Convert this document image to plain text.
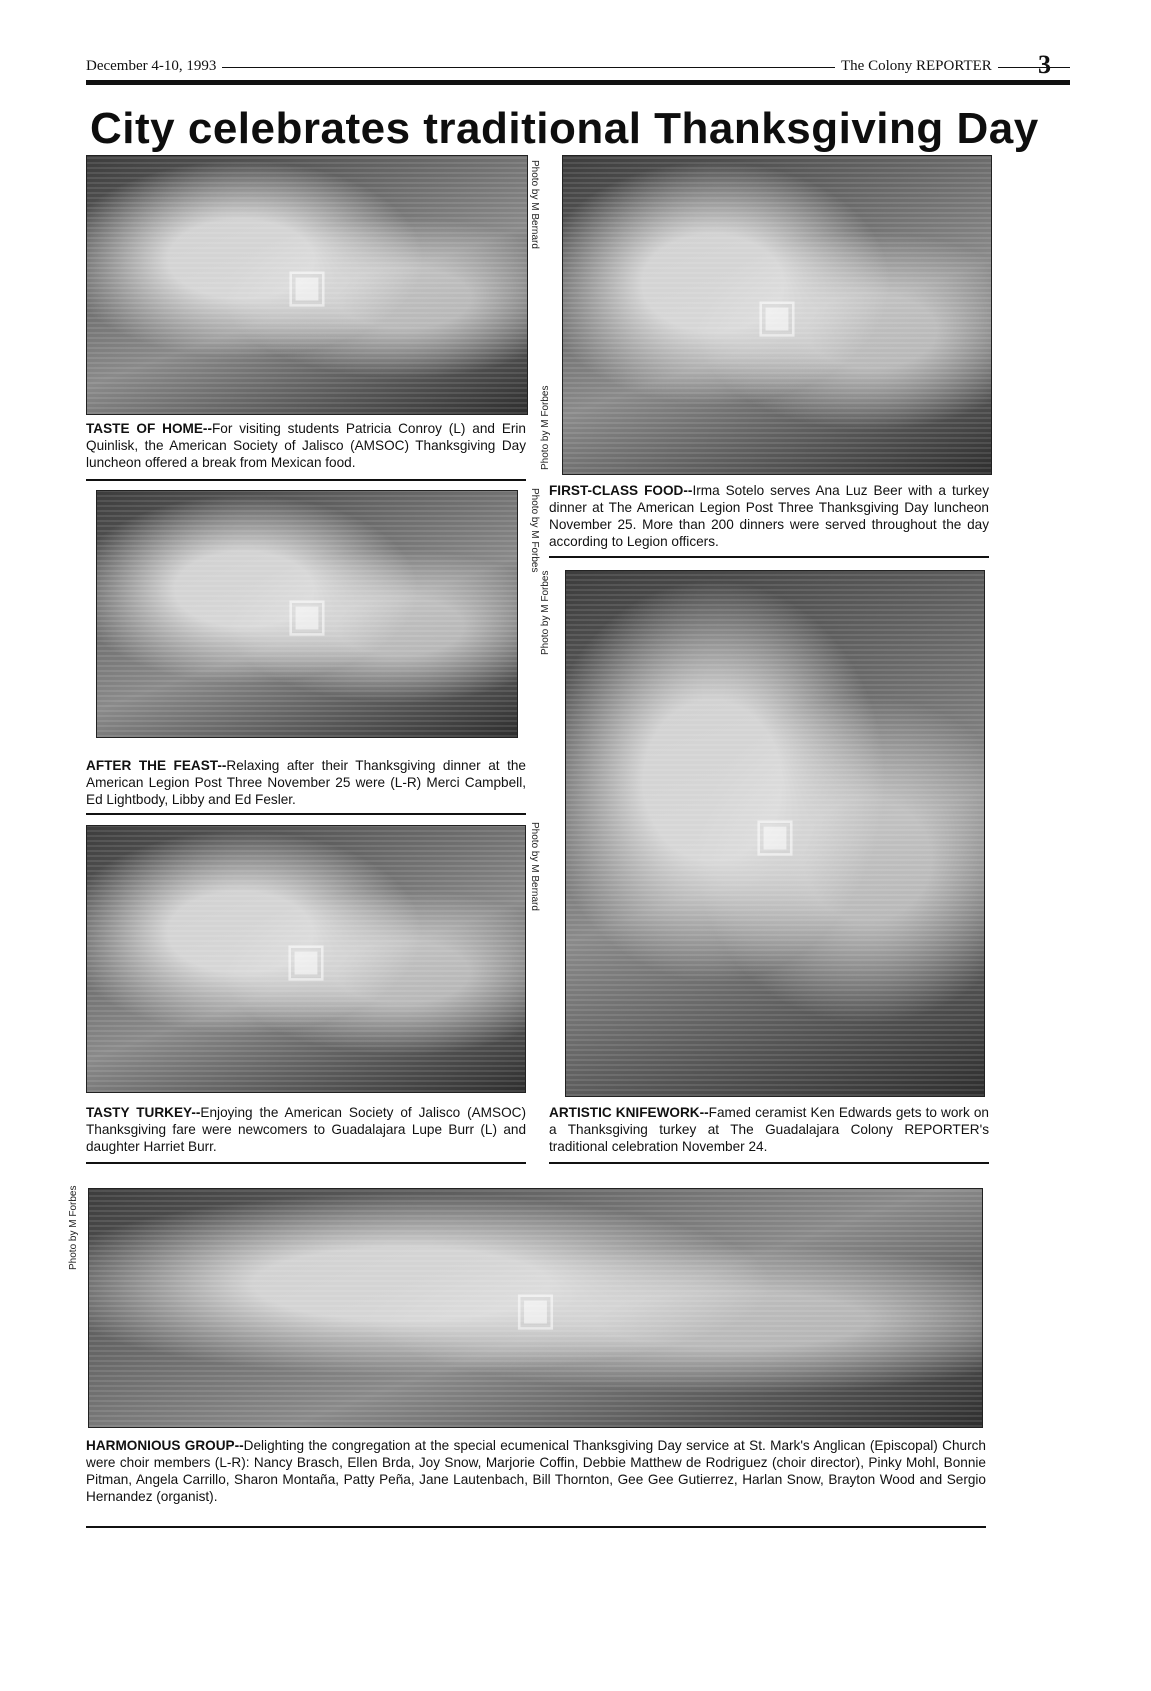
December 4-10, 1993	The Colony REPORTER 3
City celebrates traditional Thanksgiving Day
▣
Photo by M Bernard
TASTE OF HOME--For visiting students Patricia Conroy (L) and Erin Quinlisk, the American Society of Jalisco (AMSOC) Thanksgiving Day luncheon offered a break from Mexican food.
▣
Photo by M Forbes
FIRST-CLASS FOOD--Irma Sotelo serves Ana Luz Beer with a turkey dinner at The American Legion Post Three Thanksgiving Day luncheon November 25. More than 200 dinners were served throughout the day according to Legion officers.
▣
Photo by M Forbes
AFTER THE FEAST--Relaxing after their Thanksgiving dinner at the American Legion Post Three November 25 were (L-R) Merci Campbell, Ed Lightbody, Libby and Ed Fesler.
▣
Photo by M Forbes
ARTISTIC KNIFEWORK--Famed ceramist Ken Edwards gets to work on a Thanksgiving turkey at The Guadalajara Colony REPORTER's traditional celebration November 24.
▣
Photo by M Bernard
TASTY TURKEY--Enjoying the American Society of Jalisco (AMSOC) Thanksgiving fare were newcomers to Guadalajara Lupe Burr (L) and daughter Harriet Burr.
▣
Photo by M Forbes
HARMONIOUS GROUP--Delighting the congregation at the special ecumenical Thanksgiving Day service at St. Mark's Anglican (Episcopal) Church were choir members (L-R): Nancy Brasch, Ellen Brda, Joy Snow, Marjorie Coffin, Debbie Matthew de Rodriguez (choir director), Pinky Mohl, Bonnie Pitman, Angela Carrillo, Sharon Montaña, Patty Peña, Jane Lautenbach, Bill Thornton, Gee Gee Gutierrez, Harlan Snow, Brayton Wood and Sergio Hernandez (organist).
